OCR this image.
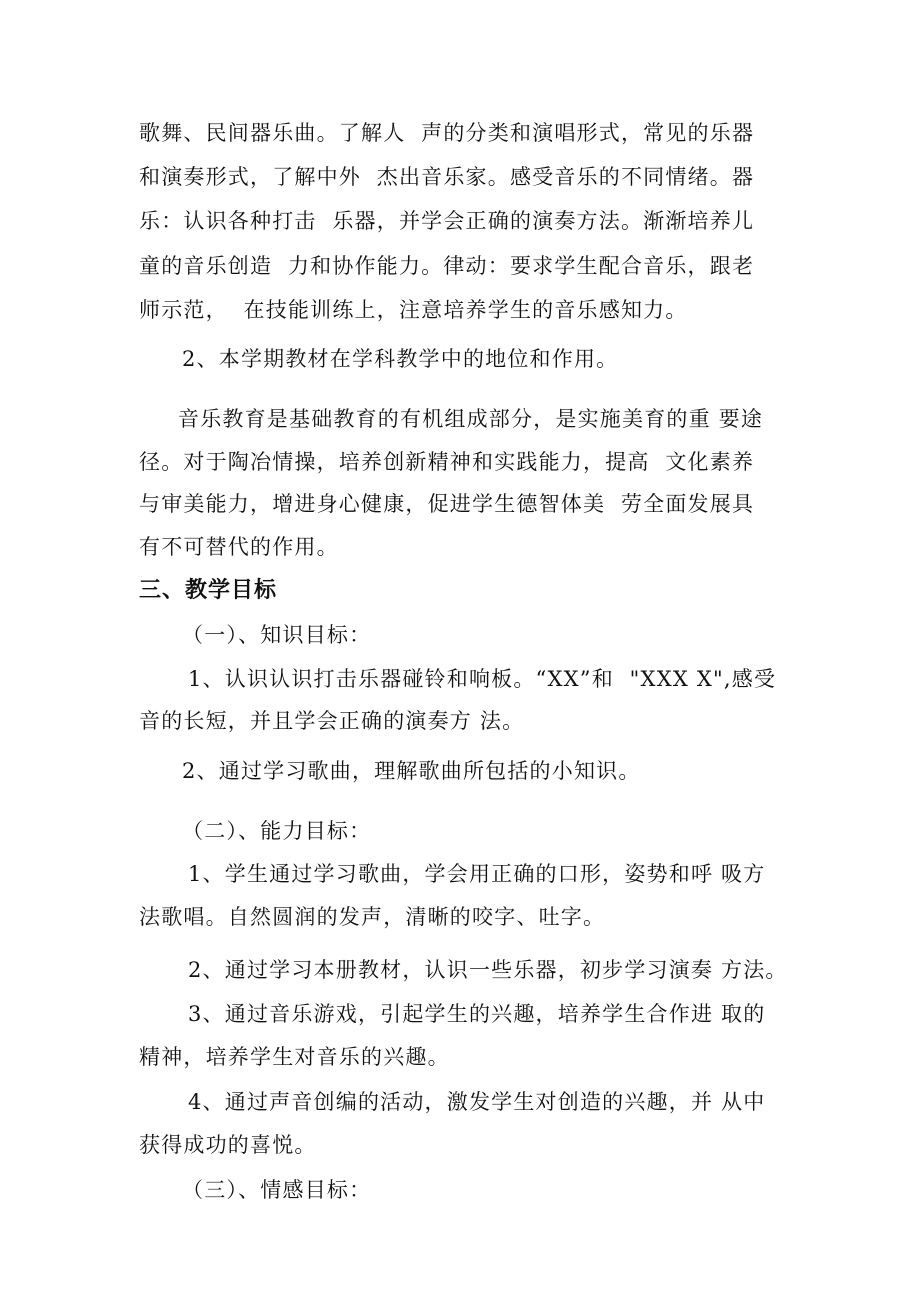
歌舞、民间器乐曲。了解人  声的分类和演唱形式，常见的乐器

和演奏形式，了解中外  杰出音乐家。感受音乐的不同情绪。器

乐：认识各种打击  乐器，并学会正确的演奏方法。渐渐培养儿

童的音乐创造  力和协作能力。律动：要求学生配合音乐，跟老

师示范，  在技能训练上，注意培养学生的音乐感知力。

2、本学期教材在学科教学中的地位和作用。

音乐教育是基础教育的有机组成部分，是实施美育的重 要途

径。对于陶冶情操，培养创新精神和实践能力，提高  文化素养

与审美能力，增进身心健康，促进学生德智体美  劳全面发展具

有不可替代的作用。

三、教学目标

（一）、知识目标：

1、认识认识打击乐器碰铃和响板。“XX”和  "XXX X",感受

音的长短，并且学会正确的演奏方 法。

2、通过学习歌曲，理解歌曲所包括的小知识。

（二）、能力目标：

1、学生通过学习歌曲，学会用正确的口形，姿势和呼 吸方

法歌唱。自然圆润的发声，清晰的咬字、吐字。

2、通过学习本册教材，认识一些乐器，初步学习演奏 方法。

3、通过音乐游戏，引起学生的兴趣，培养学生合作进 取的

精神，培养学生对音乐的兴趣。

4、通过声音创编的活动，激发学生对创造的兴趣，并 从中

获得成功的喜悦。

（三）、情感目标：
